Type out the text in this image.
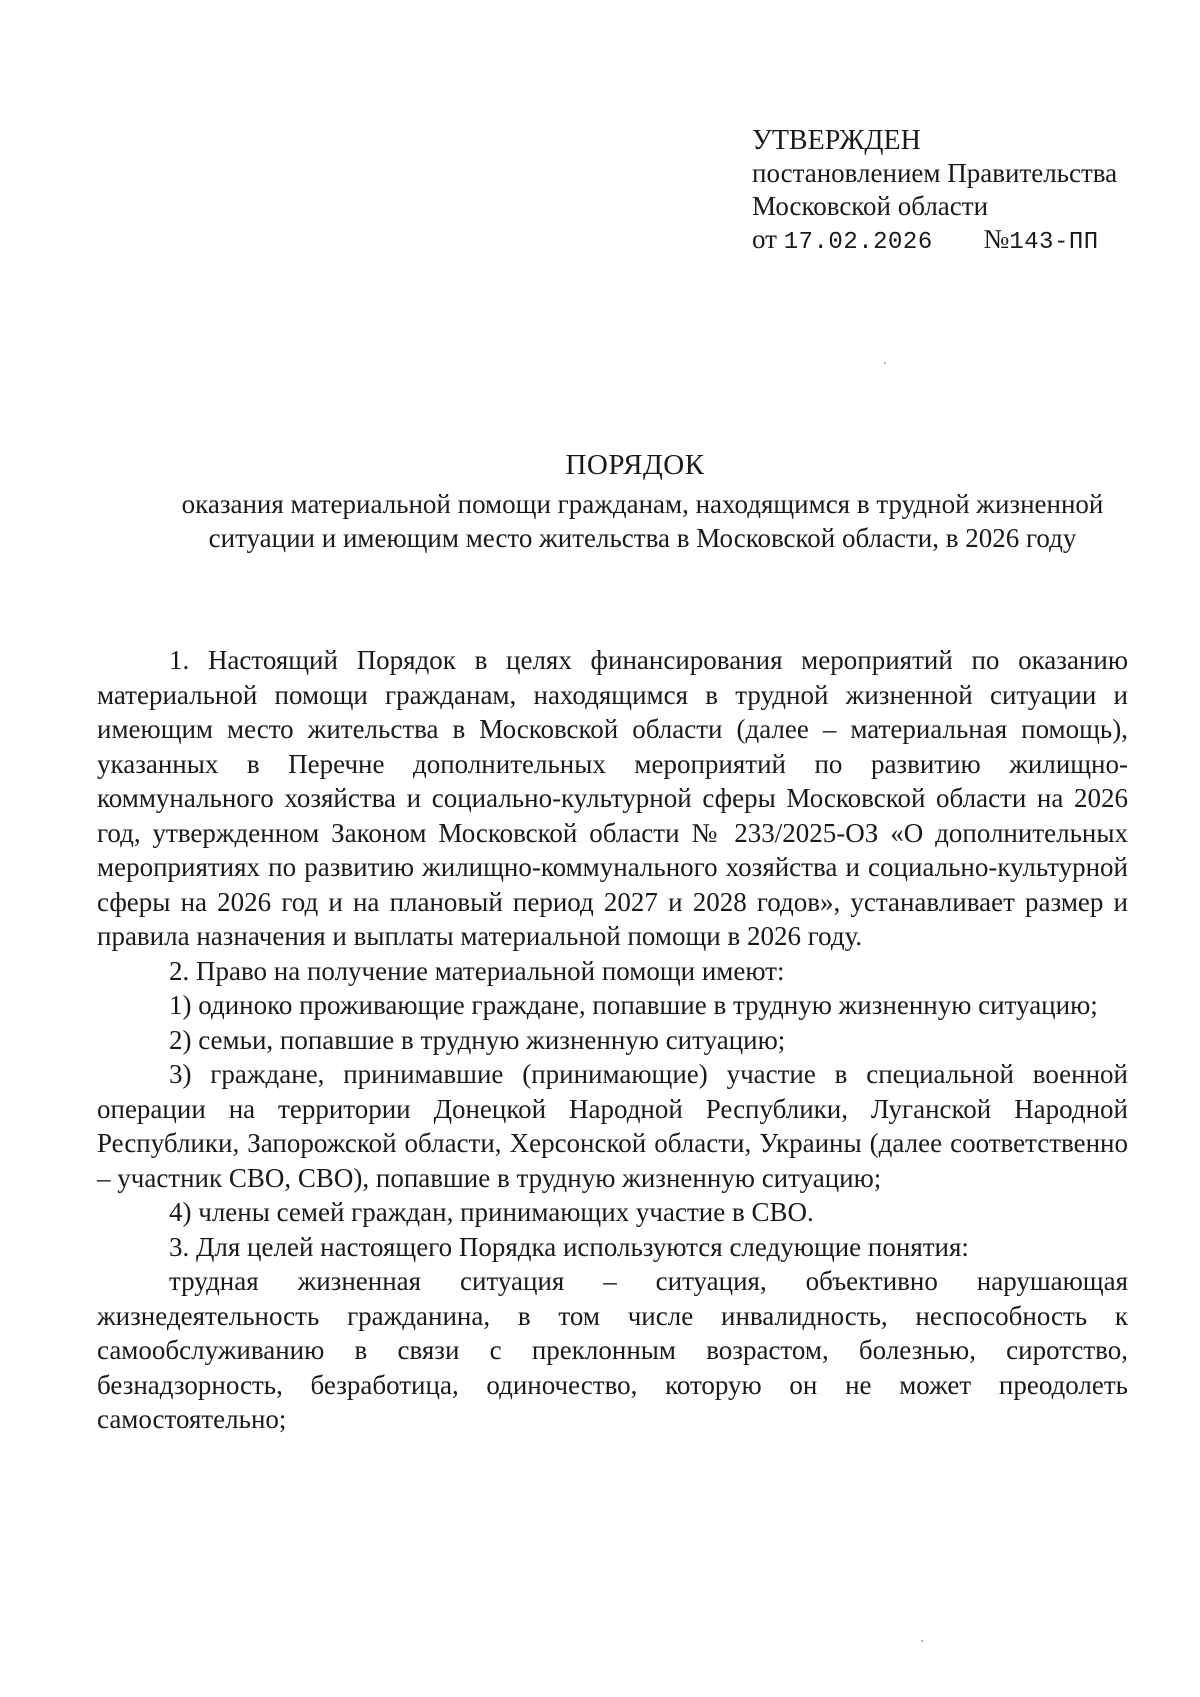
УТВЕРЖДЕН
постановлением Правительства
Московской области
от 17.02.2026 №143-ПП
ПОРЯДОК
оказания материальной помощи гражданам, находящимся в трудной жизненной ситуации и имеющим место жительства в Московской области, в 2026 году

1. Настоящий Порядок в целях финансирования мероприятий по оказанию материальной помощи гражданам, находящимся в трудной жизненной ситуации и имеющим место жительства в Московской области (далее – материальная помощь), указанных в Перечне дополнительных мероприятий по развитию жилищно-коммунального хозяйства и социально-культурной сферы Московской области на 2026 год, утвержденном Законом Московской области № 233/2025-ОЗ «О дополнительных мероприятиях по развитию жилищно-коммунального хозяйства и социально-культурной сферы на 2026 год и на плановый период 2027 и 2028 годов», устанавливает размер и правила назначения и выплаты материальной помощи в 2026 году.

2. Право на получение материальной помощи имеют:

1) одиноко проживающие граждане, попавшие в трудную жизненную ситуацию;

2) семьи, попавшие в трудную жизненную ситуацию;

3) граждане, принимавшие (принимающие) участие в специальной военной операции на территории Донецкой Народной Республики, Луганской Народной Республики, Запорожской области, Херсонской области, Украины (далее соответственно – участник СВО, СВО), попавшие в трудную жизненную ситуацию;

4) члены семей граждан, принимающих участие в СВО.

3. Для целей настоящего Порядка используются следующие понятия:

трудная жизненная ситуация – ситуация, объективно нарушающая жизнедеятельность гражданина, в том числе инвалидность, неспособность к самообслуживанию в связи с преклонным возрастом, болезнью, сиротство, безнадзорность, безработица, одиночество, которую он не может преодолеть самостоятельно;
